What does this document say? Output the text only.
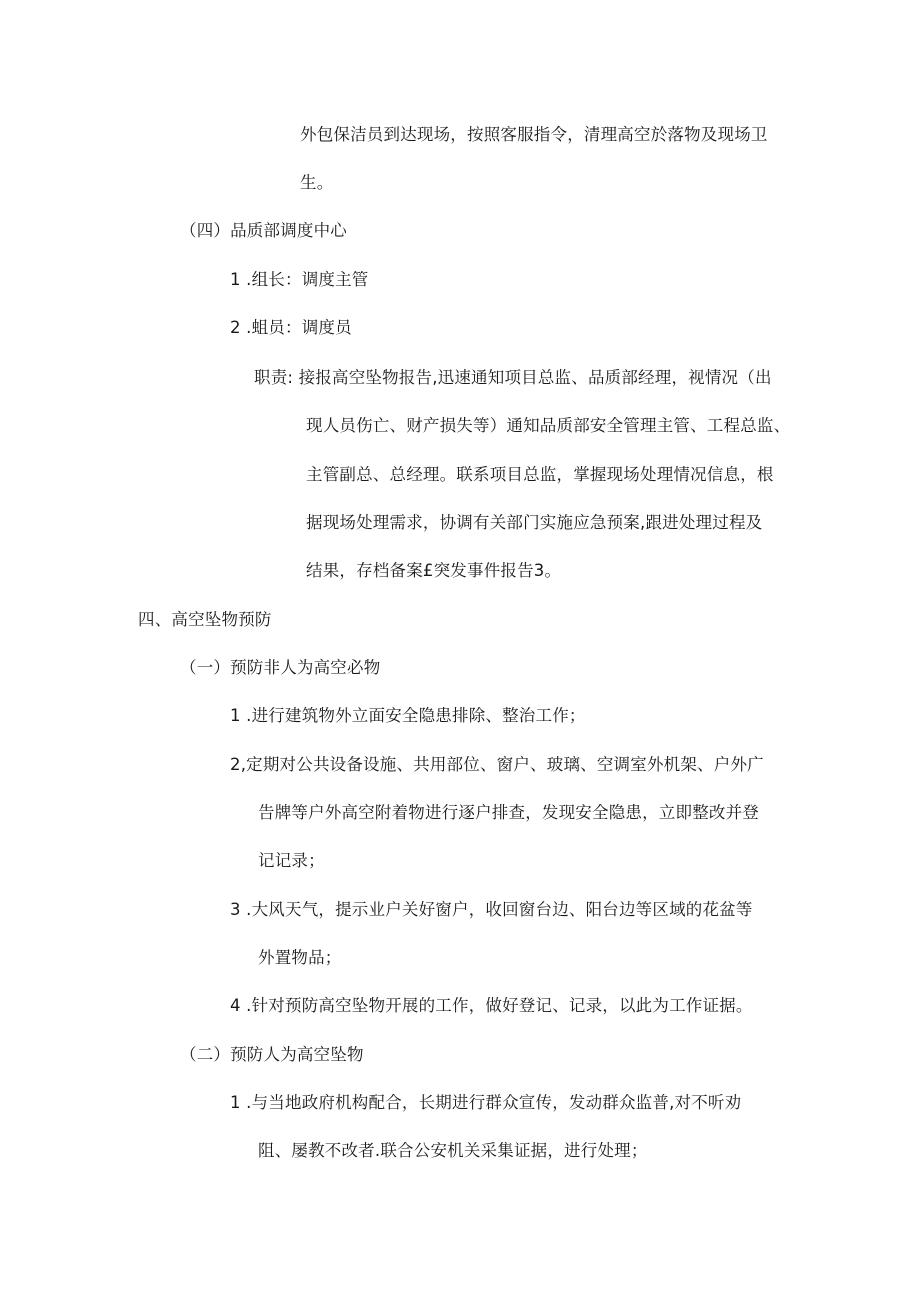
外包保洁员到达现场，按照客服指令，清理高空於落物及现场卫
生。
（四）品质部调度中心
1 .组长：调度主管
2 .蛆员：调度员
职责: 接报高空坠物报告,迅速通知项目总监、品质部经理，视情况（出
现人员伤亡、财产损失等）通知品质部安全管理主管、工程总监、
主管副总、总经理。联系项目总监，掌握现场处理情况信息，根
据现场处理需求，协调有关部门实施应急预案,跟进处理过程及
结果，存档备案£突发事件报告3。
四、高空坠物预防
（一）预防非人为高空必物
1 .进行建筑物外立面安全隐患排除、整治工作；
2,定期对公共设备设施、共用部位、窗户、玻璃、空调室外机架、户外广
告牌等户外高空附着物进行逐户排查，发现安全隐患，立即整改并登
记记录；
3 .大风天气，提示业户关好窗户，收回窗台边、阳台边等区域的花盆等
外置物品；
4 .针对预防高空坠物开展的工作，做好登记、记录，以此为工作证据。
（二）预防人为高空坠物
1 .与当地政府机构配合，长期进行群众宣传，发动群众监普,对不听劝
阻、屡教不改者.联合公安机关采集证据，进行处理；
